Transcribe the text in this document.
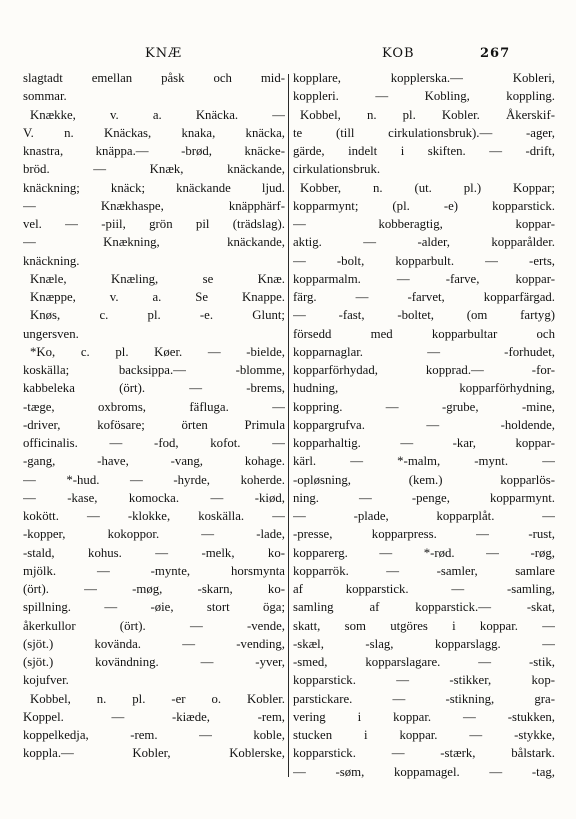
KNÆ	KOB	267
slagtadt emellan påsk och mid-
sommar.
Knække, v. a. Knäcka. —
V. n. Knäckas, knaka, knäcka,
knastra, knäppa.— -brød, knäcke-
bröd. — Knæk, knäckande,
knäckning; knäck; knäckande ljud.
— Knækhaspe, knäpphärf-
vel. — -piil, grön pil (trädslag).
— Knækning, knäckande,
knäckning.
Knæle, Knæling, se Knæ.
Knæppe, v. a. Se Knappe.
Knøs, c. pl. -e. Glunt;
ungersven.
*Ko, c. pl. Køer. — -bielde,
koskälla; backsippa.— -blomme,
kabbeleka (ört). — -brems,
-tæge, oxbroms, fäfluga. —
-driver, kofösare; örten Primula
officinalis. — -fod, kofot. —
-gang, -have, -vang, kohage.
— *-hud. — -hyrde, koherde.
— -kase, komocka. — -kiød,
kokött. — -klokke, koskälla. —
-kopper, kokoppor. — -lade,
-stald, kohus. — -melk, ko-
mjölk. — -mynte, horsmynta
(ört). — -møg, -skarn, ko-
spillning. — -øie, stort öga;
åkerkullor (ört). — -vende,
(sjöt.) kovända. — -vending,
(sjöt.) kovändning. — -yver,
kojufver.
Kobbel, n. pl. -er o. Kobler.
Koppel. — -kiæde, -rem,
koppelkedja, -rem. — koble,
koppla.— Kobler, Koblerske,
kopplare, kopplerska.— Kobleri,
koppleri. — Kobling, koppling.
Kobbel, n. pl. Kobler. Åkerskif-
te (till cirkulationsbruk).— -ager,
gärde, indelt i skiften. — -drift,
cirkulationsbruk.
Kobber, n. (ut. pl.) Koppar;
kopparmynt; (pl. -e) kopparstick.
— kobberagtig, koppar-
aktig. — -alder, kopparålder.
— -bolt, kopparbult. — -erts,
kopparmalm. — -farve, koppar-
färg. — -farvet, kopparfärgad.
— -fast, -boltet, (om fartyg)
försedd med kopparbultar och
kopparnaglar. — -forhudet,
kopparförhydad, kopprad.— -for-
hudning, kopparförhydning,
koppring. — -grube, -mine,
koppargrufva. — -holdende,
kopparhaltig. — -kar, koppar-
kärl. — *-malm, -mynt. —
-opløsning, (kem.) kopparlös-
ning. — -penge, kopparmynt.
— -plade, kopparplåt. —
-presse, kopparpress. — -rust,
kopparerg. — *-rød. — -røg,
kopparrök. — -samler, samlare
af kopparstick. — -samling,
samling af kopparstick.— -skat,
skatt, som utgöres i koppar. —
-skæl, -slag, kopparslagg. —
-smed, kopparslagare. — -stik,
kopparstick. — -stikker, kop-
parstickare. — -stikning, gra-
vering i koppar. — -stukken,
stucken i koppar. — -stykke,
kopparstick. — -stærk, bålstark.
— -søm, koppamagel. — -tag,
